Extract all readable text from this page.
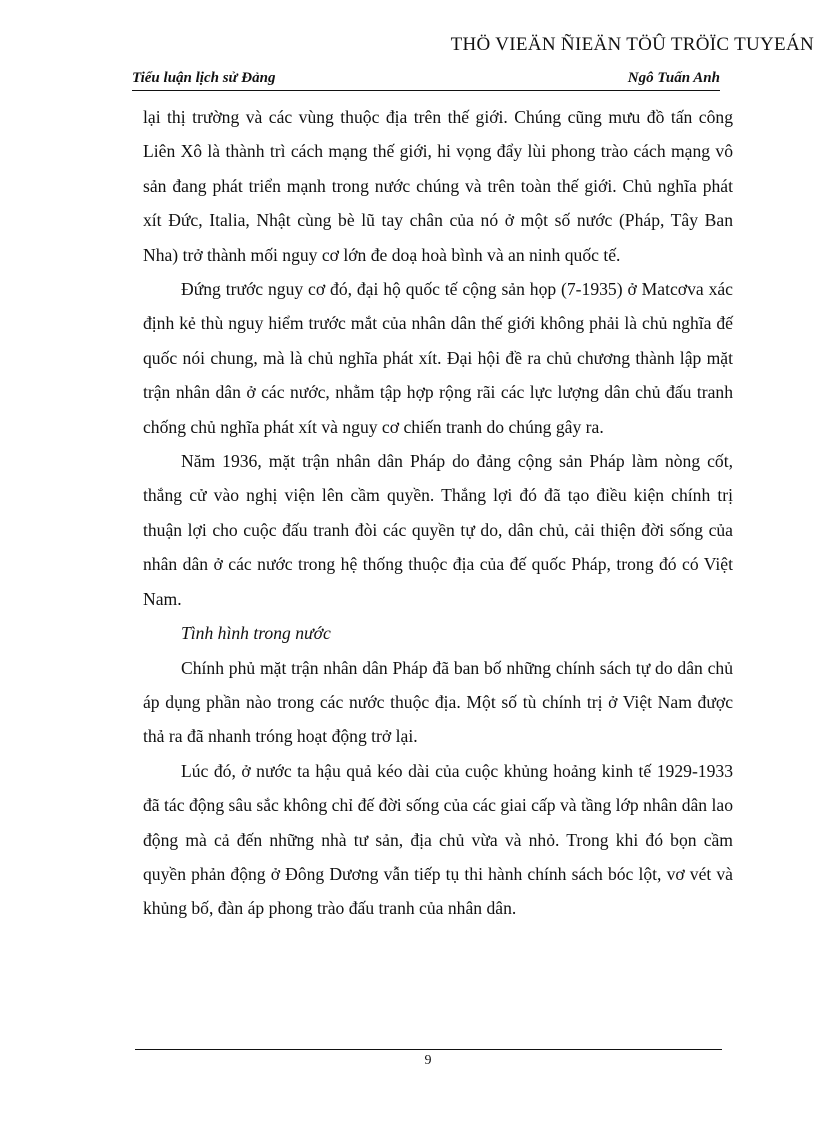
THÖ VIEÄN ÑIEÄN TÖÛ TRÖÏC TUYEÁN
Tiểu luận lịch sử Đảng	Ngô Tuấn Anh

lại thị trường và các vùng thuộc địa trên thế giới. Chúng cũng mưu đồ tấn công Liên Xô là thành trì cách mạng thế giới, hi vọng đẩy lùi phong trào cách mạng vô sản đang phát triển mạnh trong nước chúng và trên toàn thế giới. Chủ nghĩa phát xít Đức, Italia, Nhật cùng bè lũ tay chân của nó ở một số nước (Pháp, Tây Ban Nha) trở thành mối nguy cơ lớn đe doạ hoà bình và an ninh quốc tế.

Đứng trước nguy cơ đó, đại hộ quốc tế cộng sản họp (7-1935) ở Matcơva xác định kẻ thù nguy hiểm trước mắt của nhân dân thế giới không phải là chủ nghĩa đế quốc nói chung, mà là chủ nghĩa phát xít. Đại hội đề ra chủ chương thành lập mặt trận nhân dân ở các nước, nhằm tập hợp rộng rãi các lực lượng dân chủ đấu tranh chống chủ nghĩa phát xít và nguy cơ chiến tranh do chúng gây ra.

Năm 1936, mặt trận nhân dân Pháp do đảng cộng sản Pháp làm nòng cốt, thắng cử vào nghị viện lên cầm quyền. Thắng lợi đó đã tạo điều kiện chính trị thuận lợi cho cuộc đấu tranh đòi các quyền tự do, dân chủ, cải thiện đời sống của nhân dân ở các nước trong hệ thống thuộc địa của đế quốc Pháp, trong đó có Việt Nam.

Tình hình trong nước

Chính phủ mặt trận nhân dân Pháp đã ban bố những chính sách tự do dân chủ áp dụng phần nào trong các nước thuộc địa. Một số tù chính trị ở Việt Nam được thả ra đã nhanh tróng hoạt động trở lại.

Lúc đó, ở nước ta hậu quả kéo dài của cuộc khủng hoảng kinh tế 1929-1933 đã tác động sâu sắc không chỉ đế đời sống của các giai cấp và tầng lớp nhân dân lao động mà cả đến những nhà tư sản, địa chủ vừa và nhỏ. Trong khi đó bọn cầm quyền phản động ở Đông Dương vẫn tiếp tụ thi hành chính sách bóc lột, vơ vét và khủng bố, đàn áp phong trào đấu tranh của nhân dân.

9
